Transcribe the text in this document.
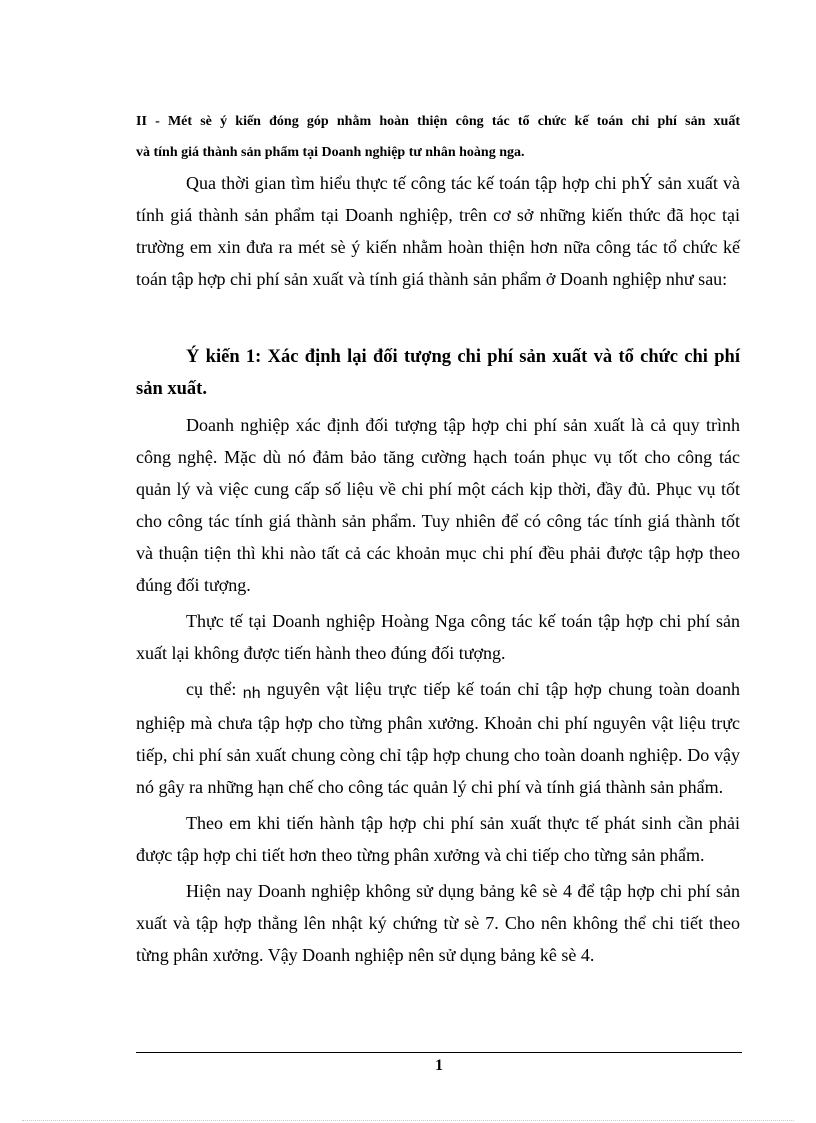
II - Mét sè ý kiến đóng góp nhằm hoàn thiện công tác tổ chức kế toán chi phí sản xuất
và tính giá thành sản phẩm tại Doanh nghiệp tư nhân hoàng nga.

Qua thời gian tìm hiểu thực tế công tác kế toán tập hợp chi phÝ sản xuất và tính giá thành sản phẩm tại Doanh nghiệp, trên cơ sở những kiến thức đã học tại trường em xin đưa ra mét sè ý kiến nhằm hoàn thiện hơn nữa công tác tổ chức kế toán tập hợp chi phí sản xuất và tính giá thành sản phẩm ở Doanh nghiệp như sau:

Ý kiến 1: Xác định lại đối tượng chi phí sản xuất và tổ chức chi phí sản xuất.

Doanh nghiệp xác định đối tượng tập hợp chi phí sản xuất là cả quy trình công nghệ. Mặc dù nó đảm bảo tăng cường hạch toán phục vụ tốt cho công tác quản lý và việc cung cấp số liệu về chi phí một cách kịp thời, đầy đủ. Phục vụ tốt cho công tác tính giá thành sản phẩm. Tuy nhiên để có công tác tính giá thành tốt và thuận tiện thì khi nào tất cả các khoản mục chi phí đều phải được tập hợp theo đúng đối tượng.

Thực tế tại Doanh nghiệp Hoàng Nga công tác kế toán tập hợp chi phí sản xuất lại không được tiến hành theo đúng đối tượng.

cụ thể: nh nguyên vật liệu trực tiếp kế toán chỉ tập hợp chung toàn doanh nghiệp mà chưa tập hợp cho từng phân xưởng. Khoản chi phí nguyên vật liệu trực tiếp, chi phí sản xuất chung còng chỉ tập hợp chung cho toàn doanh nghiệp. Do vậy nó gây ra những hạn chế cho công tác quản lý chi phí và tính giá thành sản phẩm.

Theo em khi tiến hành tập hợp chi phí sản xuất thực tế phát sinh cần phải được tập hợp chi tiết hơn theo từng phân xưởng và chi tiếp cho từng sản phẩm.

Hiện nay Doanh nghiệp không sử dụng bảng kê sè 4 để tập hợp chi phí sản xuất và tập hợp thẳng lên nhật ký chứng từ sè 7. Cho nên không thể chi tiết theo từng phân xưởng. Vậy Doanh nghiệp nên sử dụng bảng kê sè 4.

1
